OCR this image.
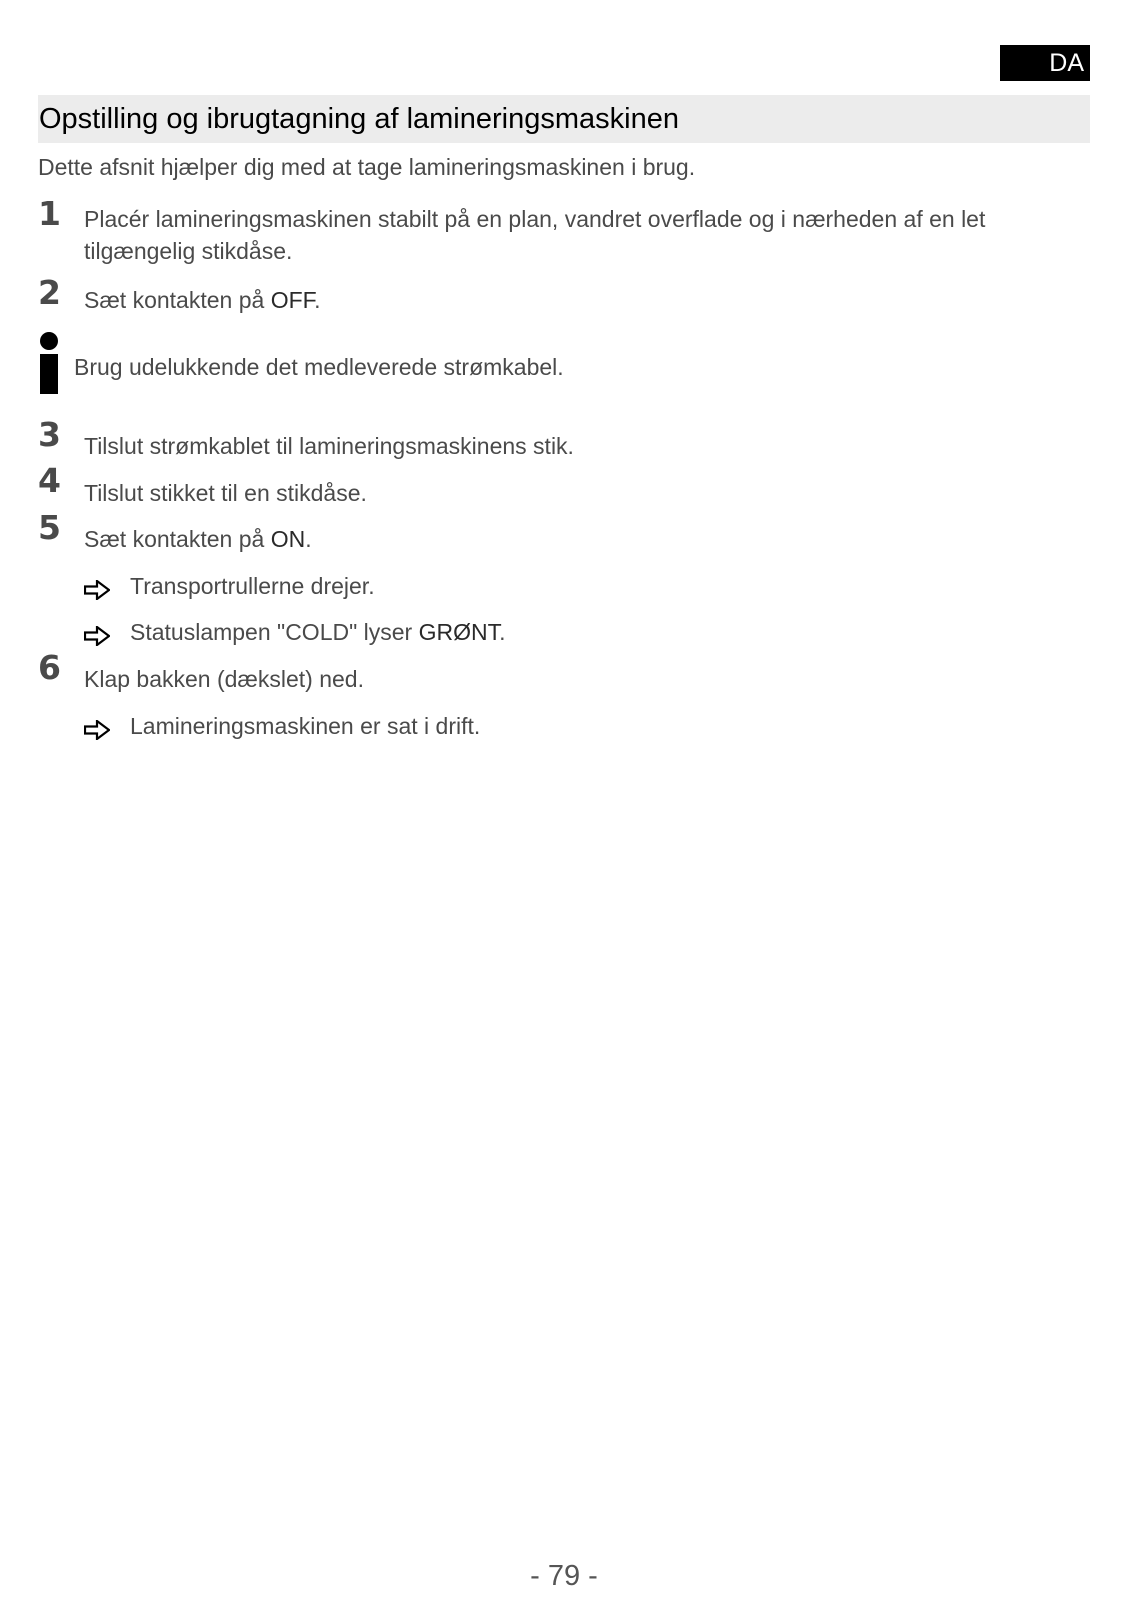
DA
Opstilling og ibrugtagning af lamineringsmaskinen
Dette afsnit hjælper dig med at tage lamineringsmaskinen i brug.
1 Placér lamineringsmaskinen stabilt på en plan, vandret overflade og i nærheden af en let tilgængelig stikdåse.
2 Sæt kontakten på OFF.
Brug udelukkende det medleverede strømkabel.
3 Tilslut strømkablet til lamineringsmaskinens stik.
4 Tilslut stikket til en stikdåse.
5 Sæt kontakten på ON.
Transportrullerne drejer.
Statuslampen "COLD" lyser GRØNT.
6 Klap bakken (dækslet) ned.
Lamineringsmaskinen er sat i drift.
- 79 -
